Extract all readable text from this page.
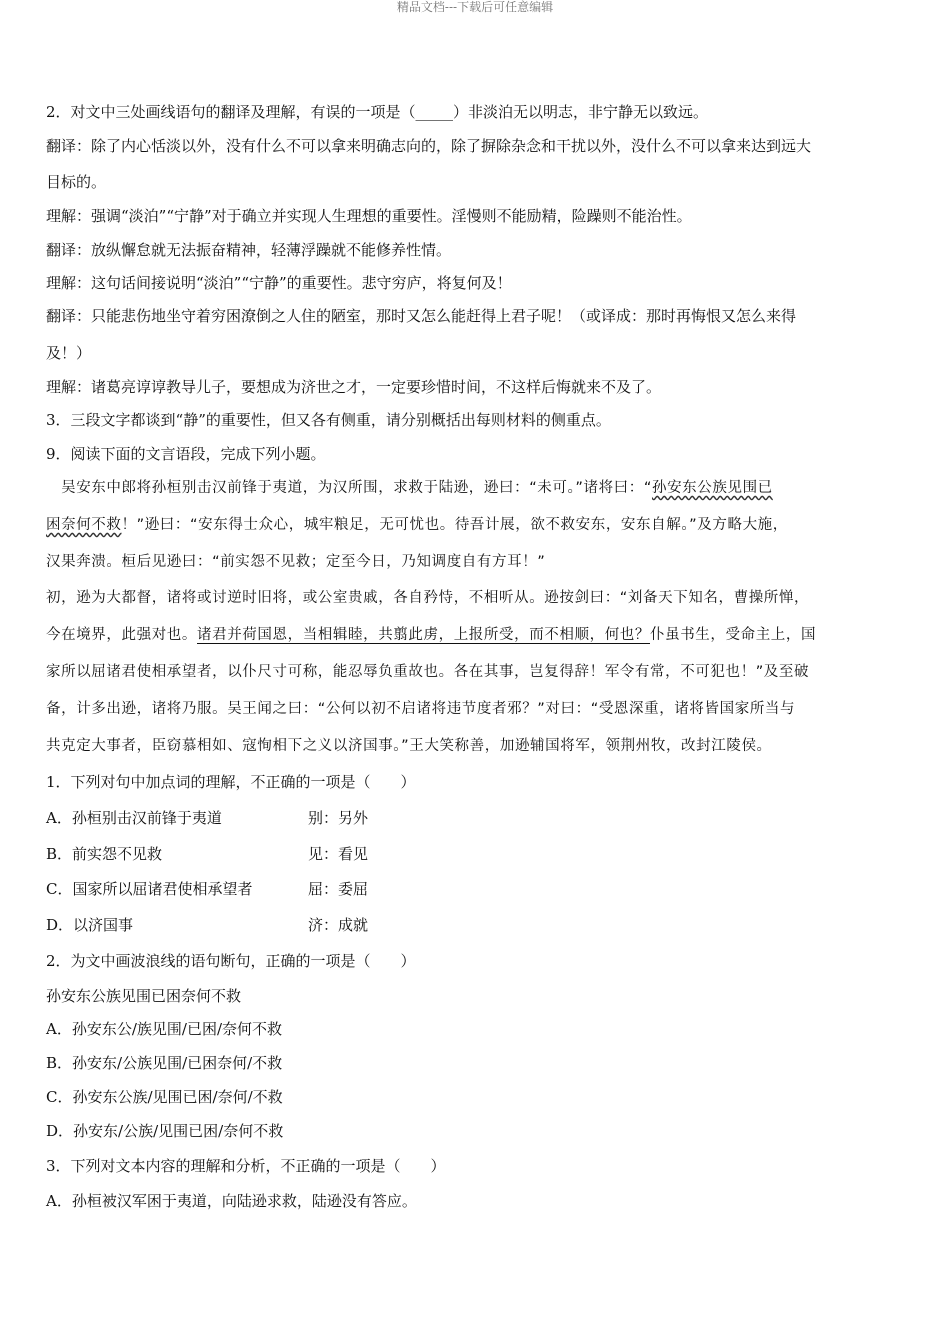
精品文档---下载后可任意编辑
2．对文中三处画线语句的翻译及理解，有误的一项是（_____）非淡泊无以明志，非宁静无以致远。
翻译：除了内心恬淡以外，没有什么不可以拿来明确志向的，除了摒除杂念和干扰以外，没什么不可以拿来达到远大
目标的。
理解：强调“淡泊”“宁静”对于确立并实现人生理想的重要性。淫慢则不能励精，险躁则不能治性。
翻译：放纵懈怠就无法振奋精神，轻薄浮躁就不能修养性情。
理解：这句话间接说明“淡泊”“宁静”的重要性。悲守穷庐，将复何及！
翻译：只能悲伤地坐守着穷困潦倒之人住的陋室，那时又怎么能赶得上君子呢！（或译成：那时再悔恨又怎么来得
及！）
理解：诸葛亮谆谆教导儿子，要想成为济世之才，一定要珍惜时间，不这样后悔就来不及了。
3．三段文字都谈到“静”的重要性，但又各有侧重，请分别概括出每则材料的侧重点。
9．阅读下面的文言语段，完成下列小题。
　吴安东中郎将孙桓别击汉前锋于夷道，为汉所围，求救于陆逊，逊曰：“未可。”诸将曰：“孙安东公族见围已
困奈何不救！”逊曰：“安东得士众心，城牢粮足，无可忧也。待吾计展，欲不救安东，安东自解。”及方略大施，
汉果奔溃。桓后见逊曰：“前实怨不见救；定至今日，乃知调度自有方耳！”
初，逊为大都督，诸将或讨逆时旧将，或公室贵戚，各自矜恃，不相听从。逊按剑曰：“刘备天下知名，曹操所惮，
今在境界，此强对也。诸君并荷国恩，当相辑睦，共翦此虏，上报所受，而不相顺，何也？仆虽书生，受命主上，国
家所以屈诸君使相承望者，以仆尺寸可称，能忍辱负重故也。各在其事，岂复得辞！军令有常，不可犯也！”及至破
备，计多出逊，诸将乃服。吴王闻之曰：“公何以初不启诸将违节度者邪？”对曰：“受恩深重，诸将皆国家所当与
共克定大事者，臣窃慕相如、寇恂相下之义以济国事。”王大笑称善，加逊辅国将军，领荆州牧，改封江陵侯。
1．下列对句中加点词的理解，不正确的一项是（　　）
A．孙桓别击汉前锋于夷道	别：另外
B．前实怨不见救	见：看见
C．国家所以屈诸君使相承望者	屈：委屈
D．以济国事	济：成就
2．为文中画波浪线的语句断句，正确的一项是（　　）
孙安东公族见围已困奈何不救
A．孙安东公/族见围/已困/奈何不救
B．孙安东/公族见围/已困奈何/不救
C．孙安东公族/见围已困/奈何/不救
D．孙安东/公族/见围已困/奈何不救
3．下列对文本内容的理解和分析，不正确的一项是（　　）
A．孙桓被汉军困于夷道，向陆逊求救，陆逊没有答应。
